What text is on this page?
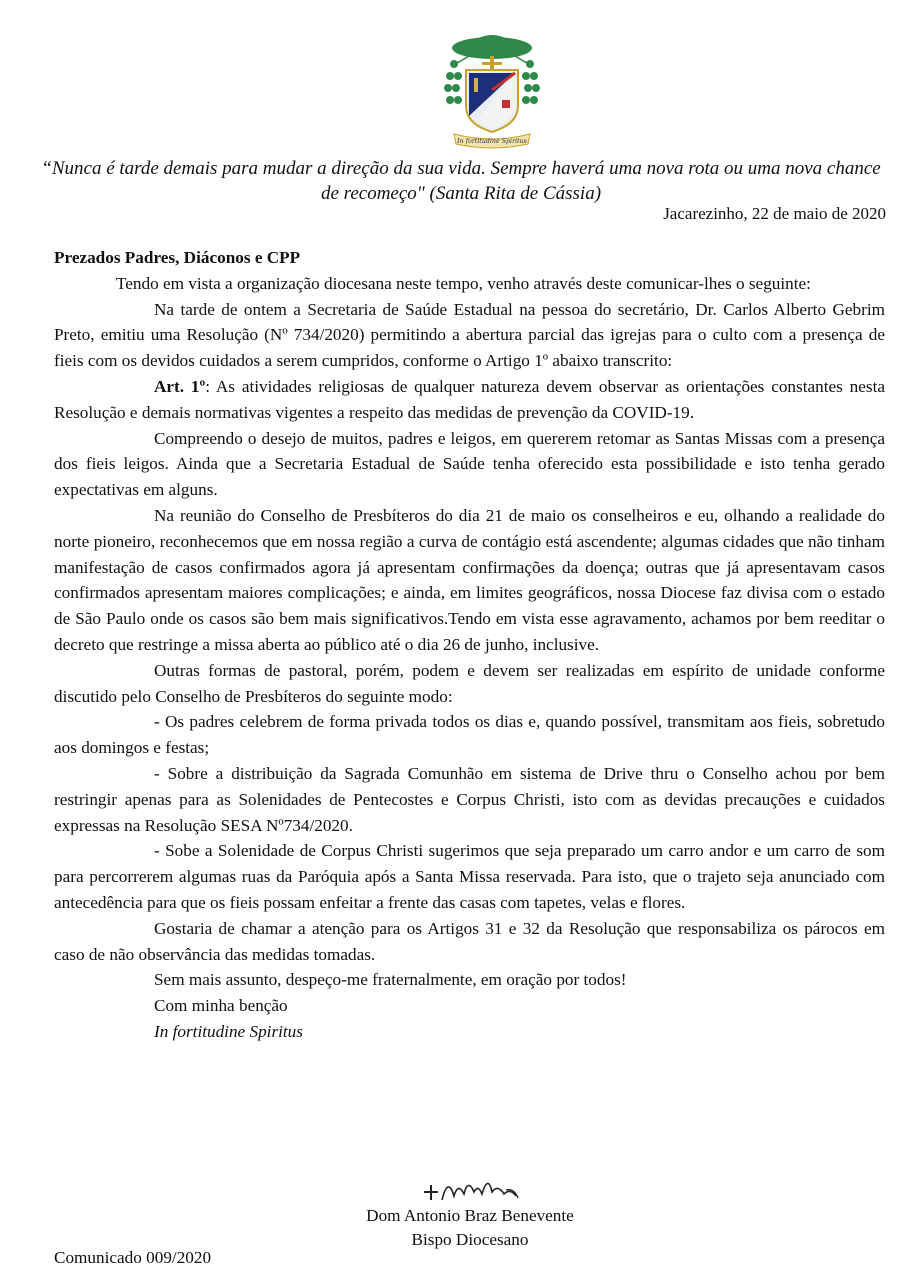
In fortitudine Spiritus
“Nunca é tarde demais para mudar a direção da sua vida. Sempre haverá uma nova rota ou uma nova chance de recomeço" (Santa Rita de Cássia)
Jacarezinho, 22 de maio de 2020

Prezados Padres, Diáconos e CPP

Tendo em vista a organização diocesana neste tempo, venho através deste comunicar-lhes o seguinte:

Na tarde de ontem a Secretaria de Saúde Estadual na pessoa do secretário, Dr. Carlos Alberto Gebrim Preto, emitiu uma Resolução (Nº 734/2020) permitindo a abertura parcial das igrejas para o culto com a presença de fieis com os devidos cuidados a serem cumpridos, conforme o Artigo 1º abaixo transcrito:

Art. 1º: As atividades religiosas de qualquer natureza devem observar as orientações constantes nesta Resolução e demais normativas vigentes a respeito das medidas de prevenção da COVID-19.

Compreendo o desejo de muitos, padres e leigos, em quererem retomar as Santas Missas com a presença dos fieis leigos. Ainda que a Secretaria Estadual de Saúde tenha oferecido esta possibilidade e isto tenha gerado expectativas em alguns.

Na reunião do Conselho de Presbíteros do dia 21 de maio os conselheiros e eu, olhando a realidade do norte pioneiro, reconhecemos que em nossa região a curva de contágio está ascendente; algumas cidades que não tinham manifestação de casos confirmados agora já apresentam confirmações da doença; outras que já apresentavam casos confirmados apresentam maiores complicações; e ainda, em limites geográficos, nossa Diocese faz divisa com o estado de São Paulo onde os casos são bem mais significativos.Tendo em vista esse agravamento, achamos por bem reeditar o decreto que restringe a missa aberta ao público até o dia 26 de junho, inclusive.

Outras formas de pastoral, porém, podem e devem ser realizadas em espírito de unidade conforme discutido pelo Conselho de Presbíteros do seguinte modo:

- Os padres celebrem de forma privada todos os dias e, quando possível, transmitam aos fieis, sobretudo aos domingos e festas;

- Sobre a distribuição da Sagrada Comunhão em sistema de Drive thru o Conselho achou por bem restringir apenas para as Solenidades de Pentecostes e Corpus Christi, isto com as devidas precauções e cuidados expressas na Resolução SESA Nº734/2020.

- Sobe a Solenidade de Corpus Christi sugerimos que seja preparado um carro andor e um carro de som para percorrerem algumas ruas da Paróquia após a Santa Missa reservada. Para isto, que o trajeto seja anunciado com antecedência para que os fieis possam enfeitar a frente das casas com tapetes, velas e flores.

Gostaria de chamar a atenção para os Artigos 31 e 32 da Resolução que responsabiliza os párocos em caso de não observância das medidas tomadas.

Sem mais assunto, despeço-me fraternalmente, em oração por todos!

Com minha benção

In fortitudine Spiritus

Dom Antonio Braz Benevente
Bispo Diocesano
Comunicado 009/2020
